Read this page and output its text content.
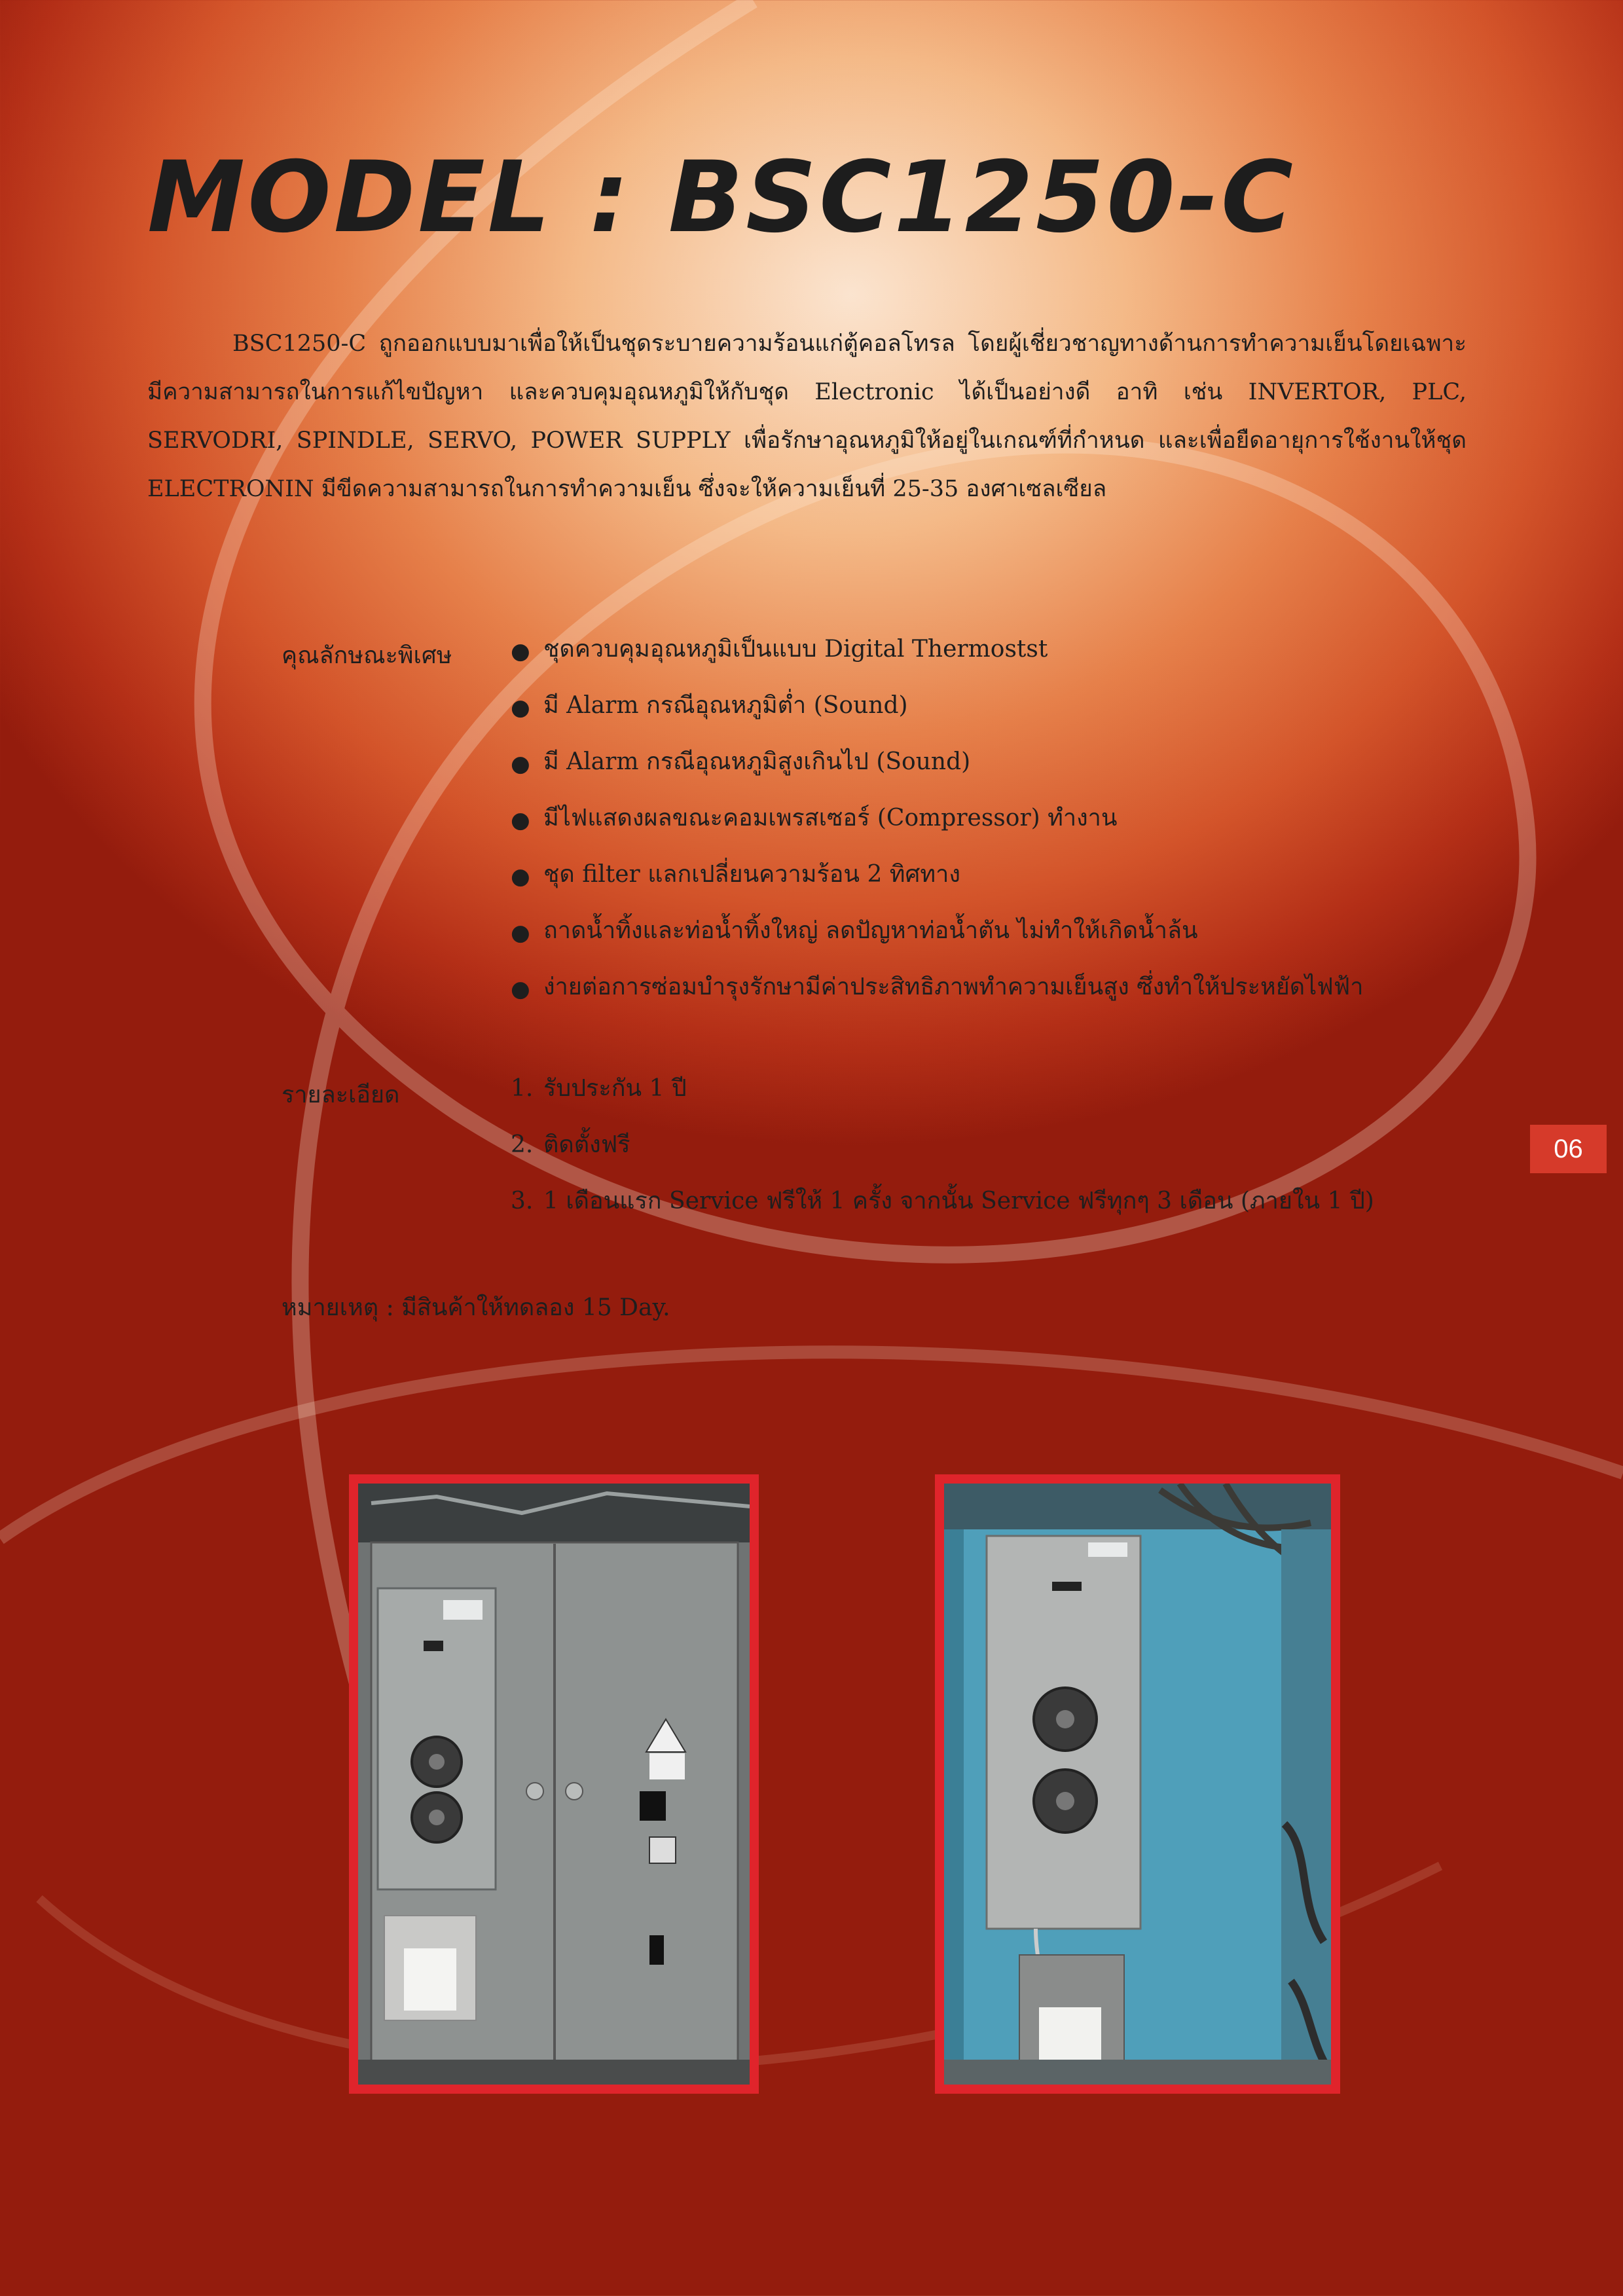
MODEL : BSC1250-C

BSC1250-C ถูกออกแบบมาเพื่อให้เป็นชุดระบายความร้อนแก่ตู้คอลโทรล โดยผู้เชี่ยวชาญทางด้านการทำความเย็นโดยเฉพาะ มีความสามารถในการแก้ไขปัญหา และควบคุมอุณหภูมิให้กับชุด Electronic ได้เป็นอย่างดี อาทิ เช่น INVERTOR, PLC, SERVODRI, SPINDLE, SERVO, POWER SUPPLY เพื่อรักษาอุณหภูมิให้อยู่ในเกณฑ์ที่กำหนด และเพื่อยืดอายุการใช้งานให้ชุด ELECTRONIN มีขีดความสามารถในการทำความเย็น ซึ่งจะให้ความเย็นที่ 25-35 องศาเซลเซียล

คุณลักษณะพิเศษ	● ชุดควบคุมอุณหภูมิเป็นแบบ Digital Thermostst
● มี Alarm กรณีอุณหภูมิต่ำ (Sound)
● มี Alarm กรณีอุณหภูมิสูงเกินไป (Sound)
● มีไฟแสดงผลขณะคอมเพรสเซอร์ (Compressor) ทำงาน
● ชุด filter แลกเปลี่ยนความร้อน 2 ทิศทาง
● ถาดน้ำทิ้งและท่อน้ำทิ้งใหญ่ ลดปัญหาท่อน้ำตัน ไม่ทำให้เกิดน้ำล้น
● ง่ายต่อการซ่อมบำรุงรักษามีค่าประสิทธิภาพทำความเย็นสูง ซึ่งทำให้ประหยัดไฟฟ้า
รายละเอียด	1. รับประกัน 1 ปี
2. ติดตั้งฟรี
3. 1 เดือนแรก Service ฟรีให้ 1 ครั้ง จากนั้น Service ฟรีทุกๆ 3 เดือน (ภายใน 1 ปี)
หมายเหตุ : มีสินค้าให้ทดลอง 15 Day.
06
